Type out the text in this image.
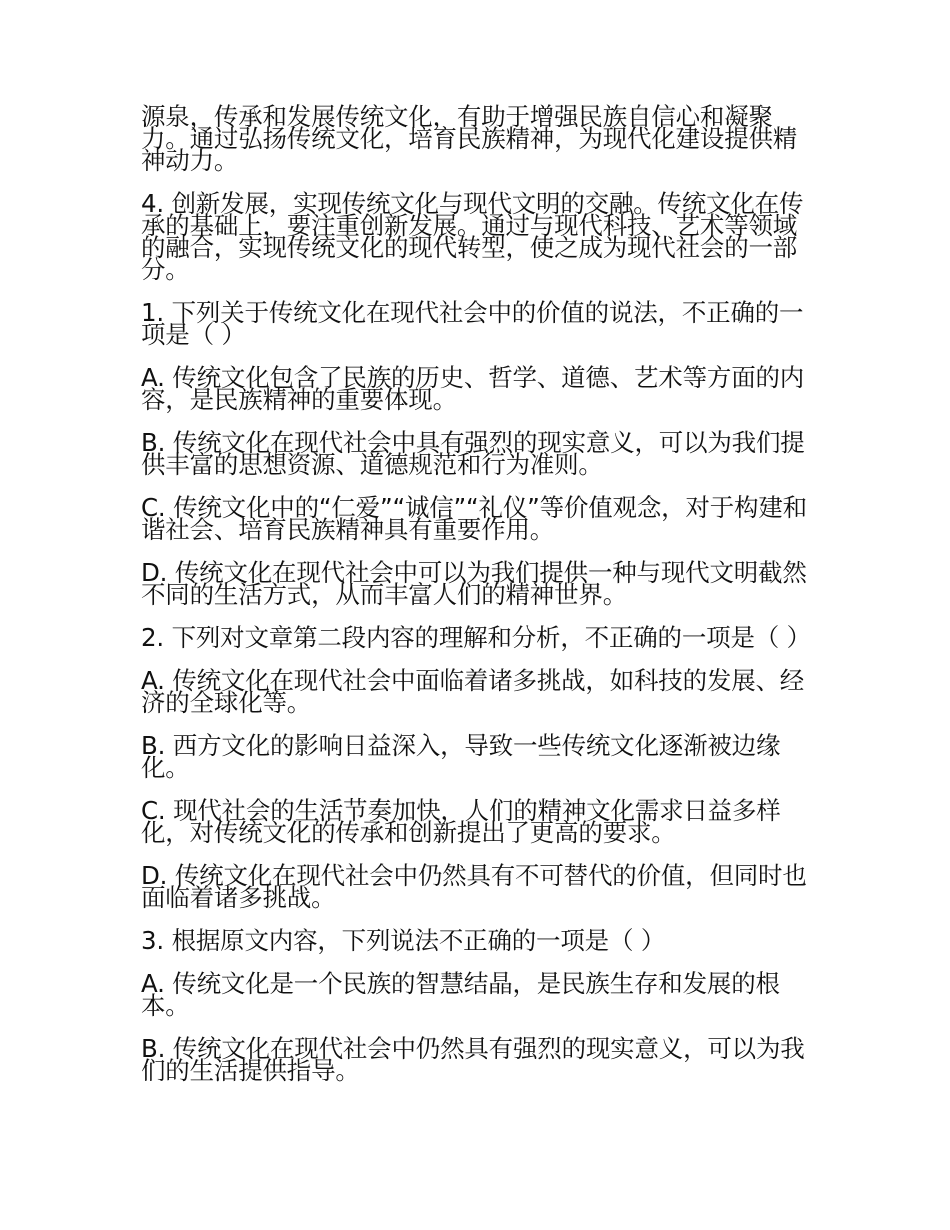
源泉，传承和发展传统文化，有助于增强民族自信心和凝聚力。通过弘扬传统文化，培育民族精神，为现代化建设提供精神动力。

4. 创新发展，实现传统文化与现代文明的交融。传统文化在传承的基础上，要注重创新发展。通过与现代科技、艺术等领域的融合，实现传统文化的现代转型，使之成为现代社会的一部分。

1. 下列关于传统文化在现代社会中的价值的说法，不正确的一项是（ ）

A. 传统文化包含了民族的历史、哲学、道德、艺术等方面的内容，是民族精神的重要体现。

B. 传统文化在现代社会中具有强烈的现实意义，可以为我们提供丰富的思想资源、道德规范和行为准则。

C. 传统文化中的“仁爱”“诚信”“礼仪”等价值观念，对于构建和谐社会、培育民族精神具有重要作用。

D. 传统文化在现代社会中可以为我们提供一种与现代文明截然不同的生活方式，从而丰富人们的精神世界。

2. 下列对文章第二段内容的理解和分析，不正确的一项是（ ）

A. 传统文化在现代社会中面临着诸多挑战，如科技的发展、经济的全球化等。

B. 西方文化的影响日益深入，导致一些传统文化逐渐被边缘化。

C. 现代社会的生活节奏加快，人们的精神文化需求日益多样化，对传统文化的传承和创新提出了更高的要求。

D. 传统文化在现代社会中仍然具有不可替代的价值，但同时也面临着诸多挑战。

3. 根据原文内容，下列说法不正确的一项是（ ）

A. 传统文化是一个民族的智慧结晶，是民族生存和发展的根本。

B. 传统文化在现代社会中仍然具有强烈的现实意义，可以为我们的生活提供指导。
